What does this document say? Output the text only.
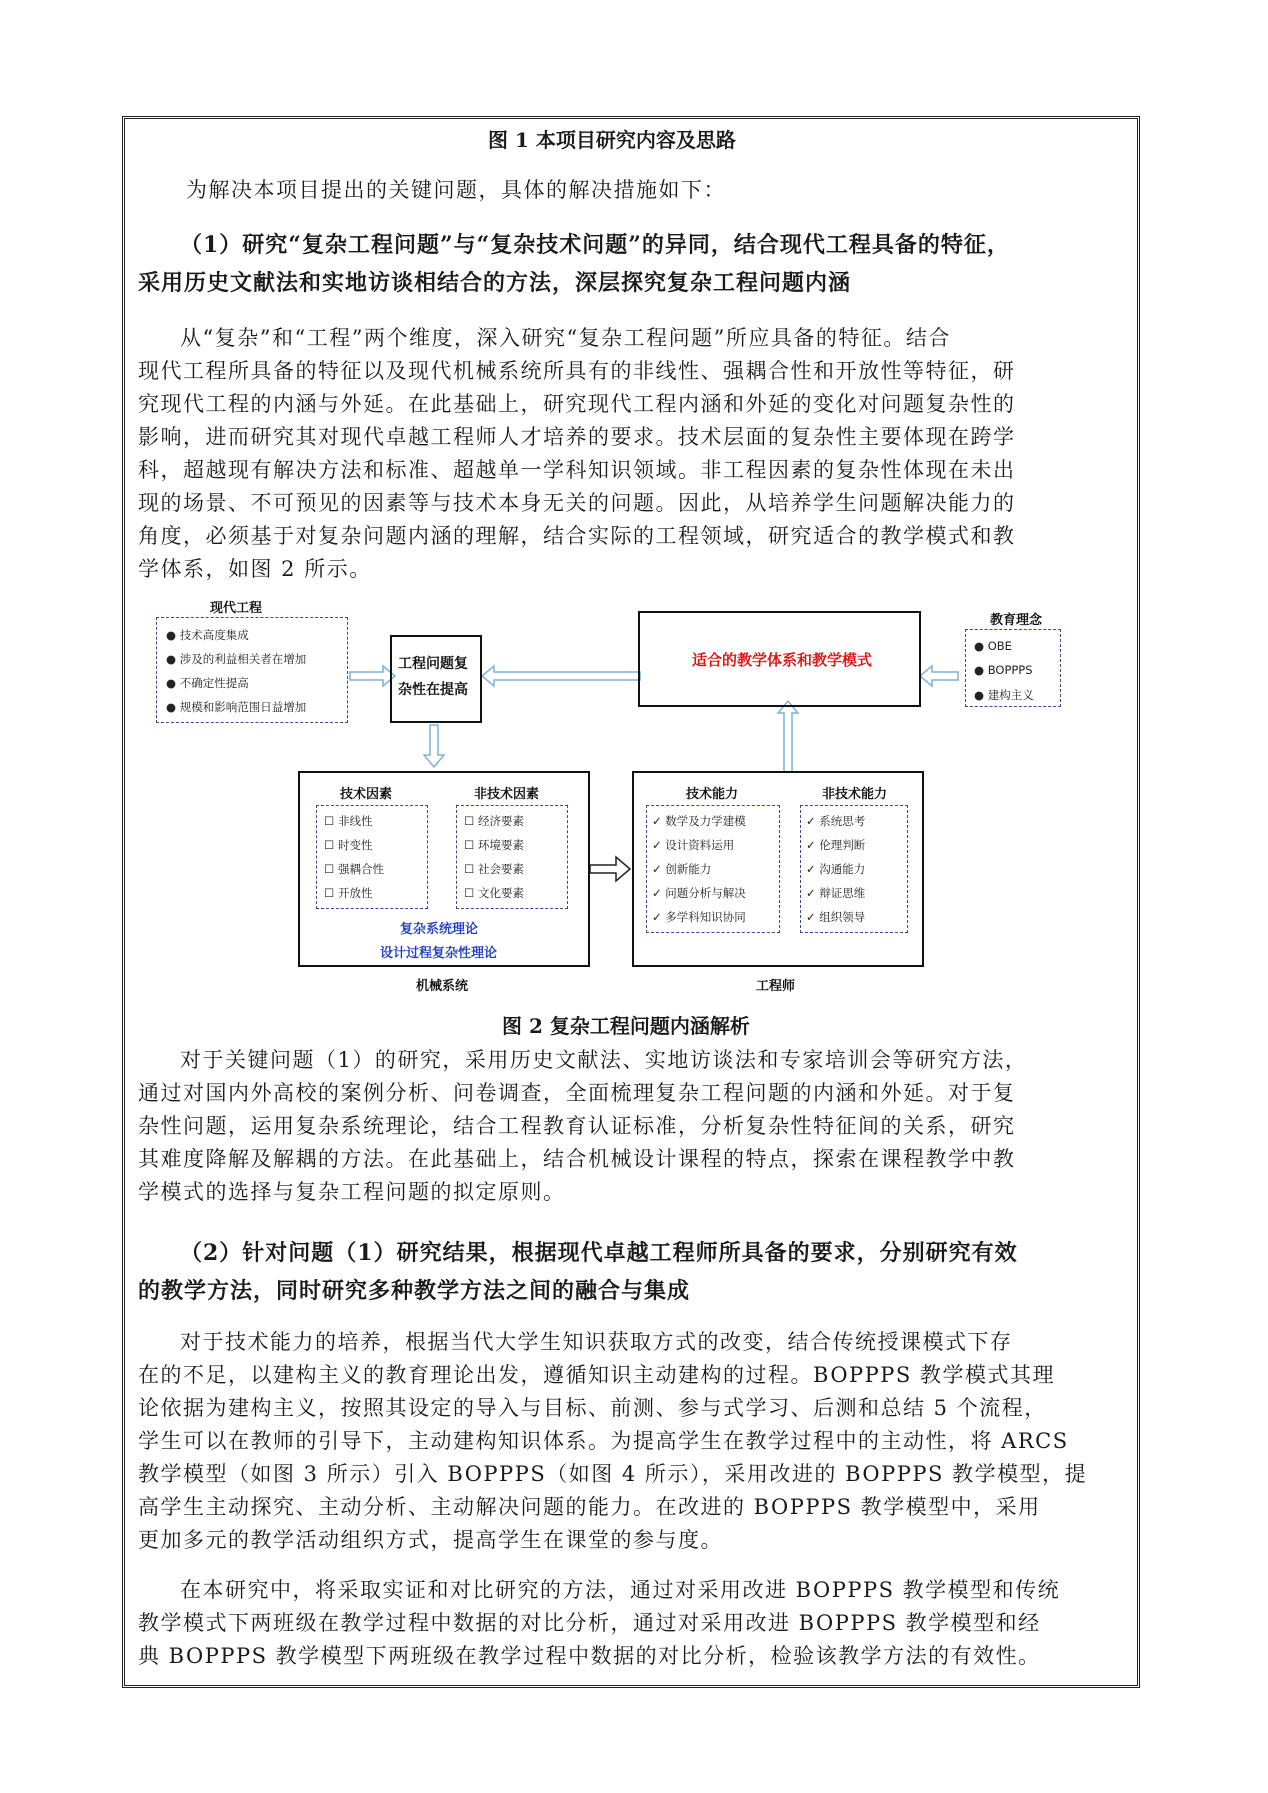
图 1 本项目研究内容及思路
为解决本项目提出的关键问题，具体的解决措施如下：
（1）研究“复杂工程问题”与“复杂技术问题”的异同，结合现代工程具备的特征，
采用历史文献法和实地访谈相结合的方法，深层探究复杂工程问题内涵
从“复杂”和“工程”两个维度，深入研究“复杂工程问题”所应具备的特征。结合
现代工程所具备的特征以及现代机械系统所具有的非线性、强耦合性和开放性等特征，研
究现代工程的内涵与外延。在此基础上，研究现代工程内涵和外延的变化对问题复杂性的
影响，进而研究其对现代卓越工程师人才培养的要求。技术层面的复杂性主要体现在跨学
科，超越现有解决方法和标准、超越单一学科知识领域。非工程因素的复杂性体现在未出
现的场景、不可预见的因素等与技术本身无关的问题。因此，从培养学生问题解决能力的
角度，必须基于对复杂问题内涵的理解，结合实际的工程领域，研究适合的教学模式和教
学体系，如图 2 所示。
现代工程
● 技术高度集成
● 涉及的利益相关者在增加
● 不确定性提高
● 规模和影响范围日益增加
工程问题复
杂性在提高
适合的教学体系和教学模式
教育理念
● OBE
● BOPPPS
● 建构主义
技术因素
☐ 非线性
☐ 时变性
☐ 强耦合性
☐ 开放性
非技术因素
☐ 经济要素
☐ 环境要素
☐ 社会要素
☐ 文化要素
复杂系统理论
设计过程复杂性理论
机械系统
技术能力
✓ 数学及力学建模
✓ 设计资料运用
✓ 创新能力
✓ 问题分析与解决
✓ 多学科知识协同
非技术能力
✓ 系统思考
✓ 伦理判断
✓ 沟通能力
✓ 辩证思维
✓ 组织领导
工程师
图 2 复杂工程问题内涵解析
对于关键问题（1）的研究，采用历史文献法、实地访谈法和专家培训会等研究方法，
通过对国内外高校的案例分析、问卷调查，全面梳理复杂工程问题的内涵和外延。对于复
杂性问题，运用复杂系统理论，结合工程教育认证标准，分析复杂性特征间的关系，研究
其难度降解及解耦的方法。在此基础上，结合机械设计课程的特点，探索在课程教学中教
学模式的选择与复杂工程问题的拟定原则。
（2）针对问题（1）研究结果，根据现代卓越工程师所具备的要求，分别研究有效
的教学方法，同时研究多种教学方法之间的融合与集成
对于技术能力的培养，根据当代大学生知识获取方式的改变，结合传统授课模式下存
在的不足，以建构主义的教育理论出发，遵循知识主动建构的过程。BOPPPS 教学模式其理
论依据为建构主义，按照其设定的导入与目标、前测、参与式学习、后测和总结 5 个流程，
学生可以在教师的引导下，主动建构知识体系。为提高学生在教学过程中的主动性，将 ARCS
教学模型（如图 3 所示）引入 BOPPPS（如图 4 所示），采用改进的 BOPPPS 教学模型，提
高学生主动探究、主动分析、主动解决问题的能力。在改进的 BOPPPS 教学模型中，采用
更加多元的教学活动组织方式，提高学生在课堂的参与度。
在本研究中，将采取实证和对比研究的方法，通过对采用改进 BOPPPS 教学模型和传统
教学模式下两班级在教学过程中数据的对比分析，通过对采用改进 BOPPPS 教学模型和经
典 BOPPPS 教学模型下两班级在教学过程中数据的对比分析，检验该教学方法的有效性。
